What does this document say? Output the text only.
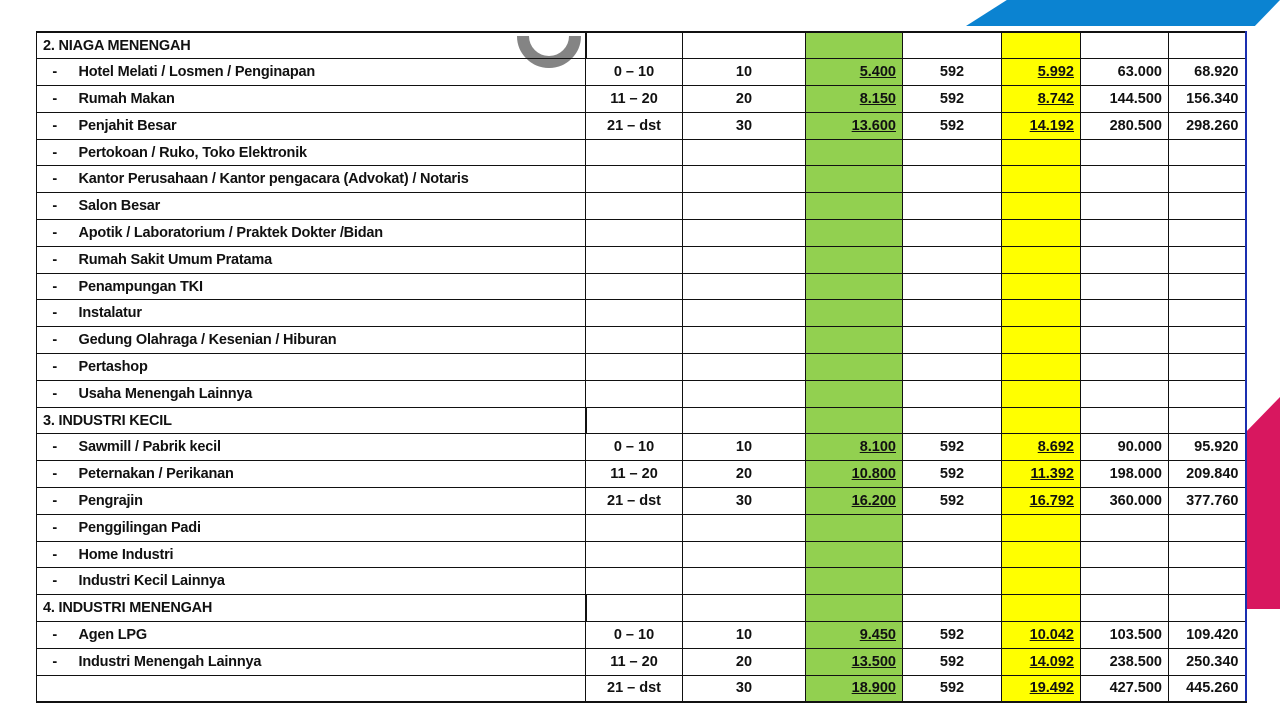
2. NIAGA MENENGAH								
-	Hotel Melati / Losmen / Penginapan	0 – 10	10	5.400	592	5.992	63.000	68.920
-	Rumah Makan	11 – 20	20	8.150	592	8.742	144.500	156.340
-	Penjahit Besar	21 – dst	30	13.600	592	14.192	280.500	298.260
-	Pertokoan / Ruko, Toko Elektronik							
-	Kantor Perusahaan / Kantor pengacara (Advokat) / Notaris							
-	Salon Besar							
-	Apotik / Laboratorium / Praktek Dokter /Bidan							
-	Rumah Sakit Umum Pratama							
-	Penampungan TKI							
-	Instalatur							
-	Gedung Olahraga / Kesenian / Hiburan							
-	Pertashop							
-	Usaha Menengah Lainnya							
3. INDUSTRI KECIL								
-	Sawmill / Pabrik kecil	0 – 10	10	8.100	592	8.692	90.000	95.920
-	Peternakan / Perikanan	11 – 20	20	10.800	592	11.392	198.000	209.840
-	Pengrajin	21 – dst	30	16.200	592	16.792	360.000	377.760
-	Penggilingan Padi							
-	Home Industri							
-	Industri Kecil Lainnya							
4. INDUSTRI MENENGAH								
-	Agen LPG	0 – 10	10	9.450	592	10.042	103.500	109.420
-	Industri Menengah Lainnya	11 – 20	20	13.500	592	14.092	238.500	250.340
		21 – dst	30	18.900	592	19.492	427.500	445.260
